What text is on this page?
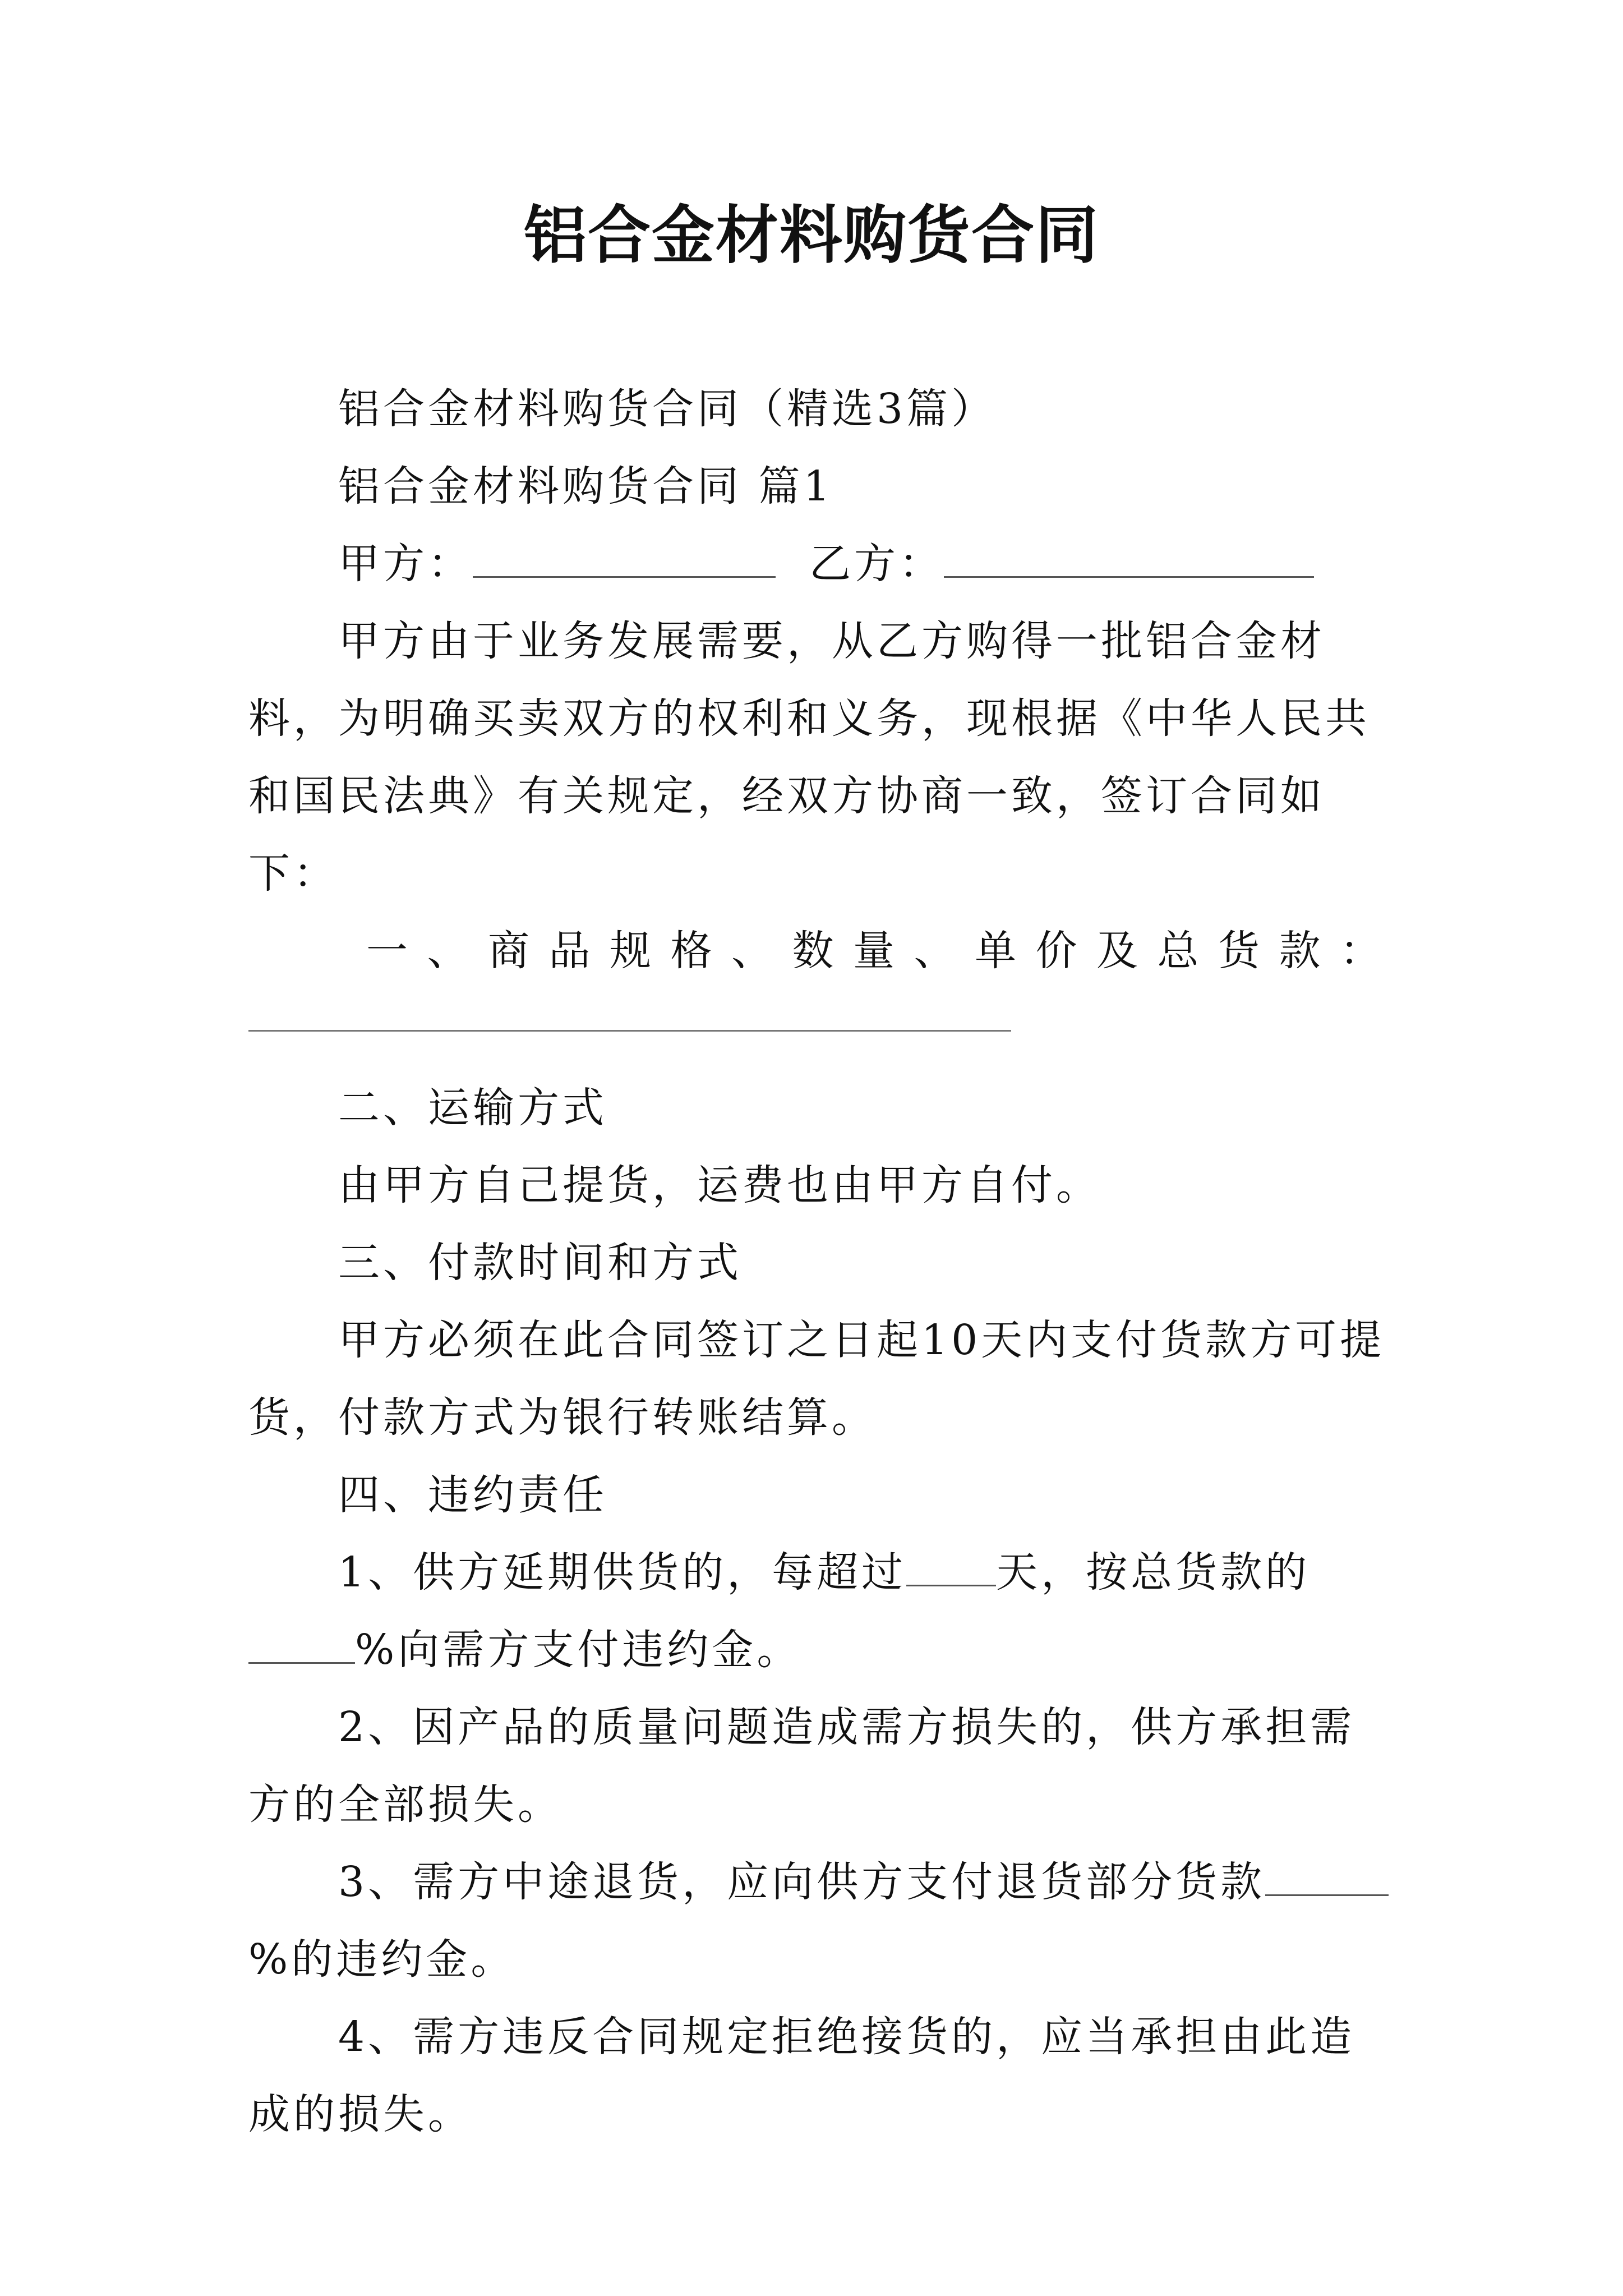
铝合金材料购货合同

铝合金材料购货合同（精选3篇）

铝合金材料购货合同 篇1

甲方：	乙方：

甲方由于业务发展需要，从乙方购得一批铝合金材料，为明确买卖双方的权利和义务，现根据《中华人民共和国民法典》有关规定，经双方协商一致，签订合同如下：

一 、 商 品 规 格 、 数 量 、 单 价 及 总 货 款 ：

二、运输方式

由甲方自己提货，运费也由甲方自付。

三、付款时间和方式

甲方必须在此合同签订之日起10天内支付货款方可提货，付款方式为银行转账结算。

四、违约责任

1、供方延期供货的，每超过 天，按总货款的%向需方支付违约金。

2、因产品的质量问题造成需方损失的，供方承担需方的全部损失。

3、需方中途退货，应向供方支付退货部分货款%的违约金。

4、需方违反合同规定拒绝接货的，应当承担由此造成的损失。
